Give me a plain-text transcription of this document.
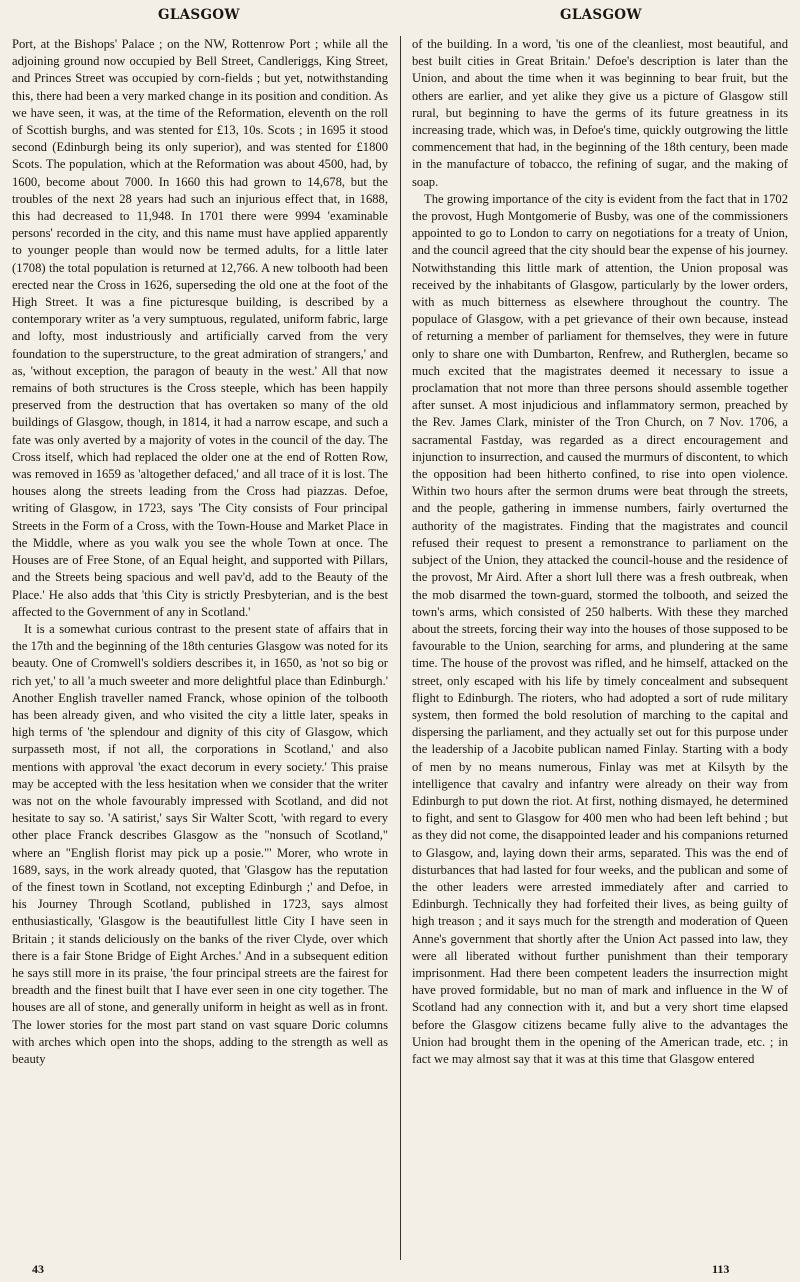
GLASGOW	GLASGOW

Port, at the Bishops' Palace ; on the NW, Rottenrow Port ; while all the adjoining ground now occupied by Bell Street, Candleriggs, King Street, and Princes Street was occupied by corn-fields ; but yet, notwithstanding this, there had been a very marked change in its position and condition. As we have seen, it was, at the time of the Reformation, eleventh on the roll of Scottish burghs, and was stented for £13, 10s. Scots ; in 1695 it stood second (Edinburgh being its only superior), and was stented for £1800 Scots. The population, which at the Reformation was about 4500, had, by 1600, become about 7000. In 1660 this had grown to 14,678, but the troubles of the next 28 years had such an injurious effect that, in 1688, this had decreased to 11,948. In 1701 there were 9994 'examinable persons' recorded in the city, and this name must have applied apparently to younger people than would now be termed adults, for a little later (1708) the total population is returned at 12,766. A new tolbooth had been erected near the Cross in 1626, superseding the old one at the foot of the High Street. It was a fine picturesque building, is described by a contemporary writer as 'a very sumptuous, regulated, uniform fabric, large and lofty, most industriously and artificially carved from the very foundation to the superstructure, to the great admiration of strangers,' and as, 'without exception, the paragon of beauty in the west.' All that now remains of both structures is the Cross steeple, which has been happily preserved from the destruction that has overtaken so many of the old buildings of Glasgow, though, in 1814, it had a narrow escape, and such a fate was only averted by a majority of votes in the council of the day. The Cross itself, which had replaced the older one at the end of Rotten Row, was removed in 1659 as 'altogether defaced,' and all trace of it is lost. The houses along the streets leading from the Cross had piazzas. Defoe, writing of Glasgow, in 1723, says 'The City consists of Four principal Streets in the Form of a Cross, with the Town-House and Market Place in the Middle, where as you walk you see the whole Town at once. The Houses are of Free Stone, of an Equal height, and supported with Pillars, and the Streets being spacious and well pav'd, add to the Beauty of the Place.' He also adds that 'this City is strictly Presbyterian, and is the best affected to the Government of any in Scotland.'

It is a somewhat curious contrast to the present state of affairs that in the 17th and the beginning of the 18th centuries Glasgow was noted for its beauty. One of Cromwell's soldiers describes it, in 1650, as 'not so big or rich yet,' to all 'a much sweeter and more delightful place than Edinburgh.' Another English traveller named Franck, whose opinion of the tolbooth has been already given, and who visited the city a little later, speaks in high terms of 'the splendour and dignity of this city of Glasgow, which surpasseth most, if not all, the corporations in Scotland,' and also mentions with approval 'the exact decorum in every society.' This praise may be accepted with the less hesitation when we consider that the writer was not on the whole favourably impressed with Scotland, and did not hesitate to say so. 'A satirist,' says Sir Walter Scott, 'with regard to every other place Franck describes Glasgow as the "nonsuch of Scotland," where an "English florist may pick up a posie."' Morer, who wrote in 1689, says, in the work already quoted, that 'Glasgow has the reputation of the finest town in Scotland, not excepting Edinburgh ;' and Defoe, in his Journey Through Scotland, published in 1723, says almost enthusiastically, 'Glasgow is the beautifullest little City I have seen in Britain ; it stands deliciously on the banks of the river Clyde, over which there is a fair Stone Bridge of Eight Arches.' And in a subsequent edition he says still more in its praise, 'the four principal streets are the fairest for breadth and the finest built that I have ever seen in one city together. The houses are all of stone, and generally uniform in height as well as in front. The lower stories for the most part stand on vast square Doric columns with arches which open into the shops, adding to the strength as well as beauty

of the building. In a word, 'tis one of the cleanliest, most beautiful, and best built cities in Great Britain.' Defoe's description is later than the Union, and about the time when it was beginning to bear fruit, but the others are earlier, and yet alike they give us a picture of Glasgow still rural, but beginning to have the germs of its future greatness in its increasing trade, which was, in Defoe's time, quickly outgrowing the little commencement that had, in the beginning of the 18th century, been made in the manufacture of tobacco, the refining of sugar, and the making of soap.

The growing importance of the city is evident from the fact that in 1702 the provost, Hugh Montgomerie of Busby, was one of the commissioners appointed to go to London to carry on negotiations for a treaty of Union, and the council agreed that the city should bear the expense of his journey. Notwithstanding this little mark of attention, the Union proposal was received by the inhabitants of Glasgow, particularly by the lower orders, with as much bitterness as elsewhere throughout the country. The populace of Glasgow, with a pet grievance of their own because, instead of returning a member of parliament for themselves, they were in future only to share one with Dumbarton, Renfrew, and Rutherglen, became so much excited that the magistrates deemed it necessary to issue a proclamation that not more than three persons should assemble together after sunset. A most injudicious and inflammatory sermon, preached by the Rev. James Clark, minister of the Tron Church, on 7 Nov. 1706, a sacramental Fastday, was regarded as a direct encouragement and injunction to insurrection, and caused the murmurs of discontent, to which the opposition had been hitherto confined, to rise into open violence. Within two hours after the sermon drums were beat through the streets, and the people, gathering in immense numbers, fairly overturned the authority of the magistrates. Finding that the magistrates and council refused their request to present a remonstrance to parliament on the subject of the Union, they attacked the council-house and the residence of the provost, Mr Aird. After a short lull there was a fresh outbreak, when the mob disarmed the town-guard, stormed the tolbooth, and seized the town's arms, which consisted of 250 halberts. With these they marched about the streets, forcing their way into the houses of those supposed to be favourable to the Union, searching for arms, and plundering at the same time. The house of the provost was rifled, and he himself, attacked on the street, only escaped with his life by timely concealment and subsequent flight to Edinburgh. The rioters, who had adopted a sort of rude military system, then formed the bold resolution of marching to the capital and dispersing the parliament, and they actually set out for this purpose under the leadership of a Jacobite publican named Finlay. Starting with a body of men by no means numerous, Finlay was met at Kilsyth by the intelligence that cavalry and infantry were already on their way from Edinburgh to put down the riot. At first, nothing dismayed, he determined to fight, and sent to Glasgow for 400 men who had been left behind ; but as they did not come, the disappointed leader and his companions returned to Glasgow, and, laying down their arms, separated. This was the end of disturbances that had lasted for four weeks, and the publican and some of the other leaders were arrested immediately after and carried to Edinburgh. Technically they had forfeited their lives, as being guilty of high treason ; and it says much for the strength and moderation of Queen Anne's government that shortly after the Union Act passed into law, they were all liberated without further punishment than their temporary imprisonment. Had there been competent leaders the insurrection might have proved formidable, but no man of mark and influence in the W of Scotland had any connection with it, and but a very short time elapsed before the Glasgow citizens became fully alive to the advantages the Union had brought them in the opening of the American trade, etc. ; in fact we may almost say that it was at this time that Glasgow entered

43	113
